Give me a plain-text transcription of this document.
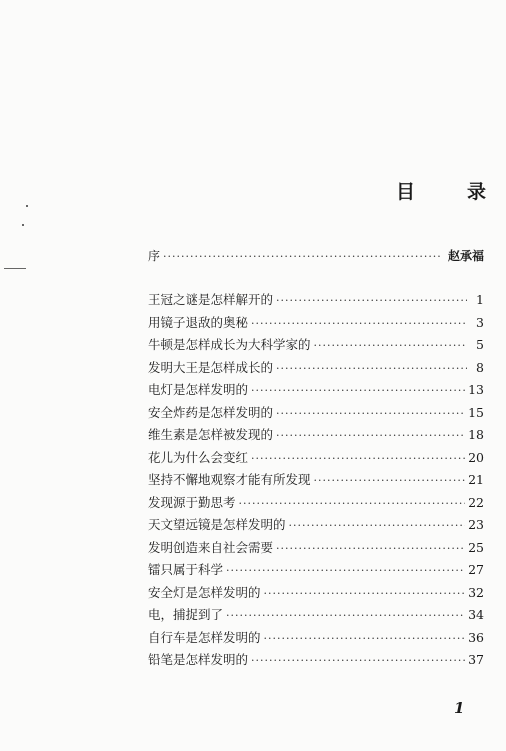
目	录
序 ·····	赵承福
王冠之谜是怎样解开的 ·····	1
用镜子退敌的奥秘 ·····	3
牛顿是怎样成长为大科学家的 ·····	5
发明大王是怎样成长的 ·····	8
电灯是怎样发明的 ·····	13
安全炸药是怎样发明的 ·····	15
维生素是怎样被发现的 ·····	18
花儿为什么会变红 ·····	20
坚持不懈地观察才能有所发现 ·····	21
发现源于勤思考 ·····	22
天文望远镜是怎样发明的 ·····	23
发明创造来自社会需要 ·····	25
镭只属于科学 ·····	27
安全灯是怎样发明的 ·····	32
电，捕捉到了 ·····	34
自行车是怎样发明的 ·····	36
铅笔是怎样发明的 ·····	37
1
